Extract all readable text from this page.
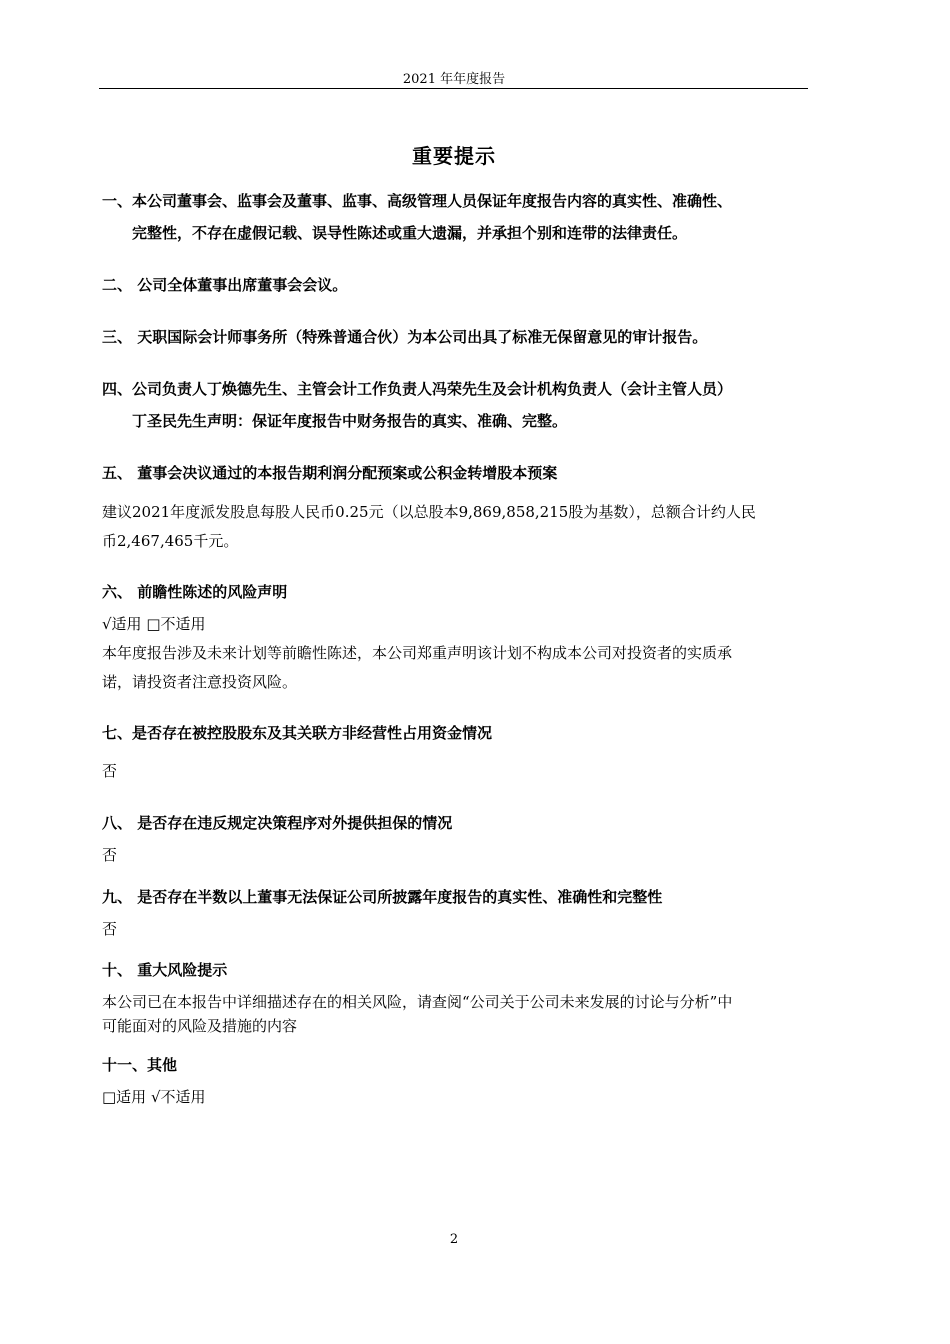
2021 年年度报告
重要提示
一、本公司董事会、监事会及董事、监事、高级管理人员保证年度报告内容的真实性、准确性、
完整性，不存在虚假记载、误导性陈述或重大遗漏，并承担个别和连带的法律责任。
二、 公司全体董事出席董事会会议。
三、 天职国际会计师事务所（特殊普通合伙）为本公司出具了标准无保留意见的审计报告。
四、公司负责人丁焕德先生、主管会计工作负责人冯荣先生及会计机构负责人（会计主管人员）
丁圣民先生声明：保证年度报告中财务报告的真实、准确、完整。
五、 董事会决议通过的本报告期利润分配预案或公积金转增股本预案
建议2021年度派发股息每股人民币0.25元（以总股本9,869,858,215股为基数），总额合计约人民
币2,467,465千元。
六、 前瞻性陈述的风险声明
√适用 □不适用
本年度报告涉及未来计划等前瞻性陈述，本公司郑重声明该计划不构成本公司对投资者的实质承
诺，请投资者注意投资风险。
七、是否存在被控股股东及其关联方非经营性占用资金情况
否
八、 是否存在违反规定决策程序对外提供担保的情况
否
九、 是否存在半数以上董事无法保证公司所披露年度报告的真实性、准确性和完整性
否
十、 重大风险提示
本公司已在本报告中详细描述存在的相关风险，请查阅“公司关于公司未来发展的讨论与分析”中
可能面对的风险及措施的内容
十一、其他
□适用 √不适用
2
